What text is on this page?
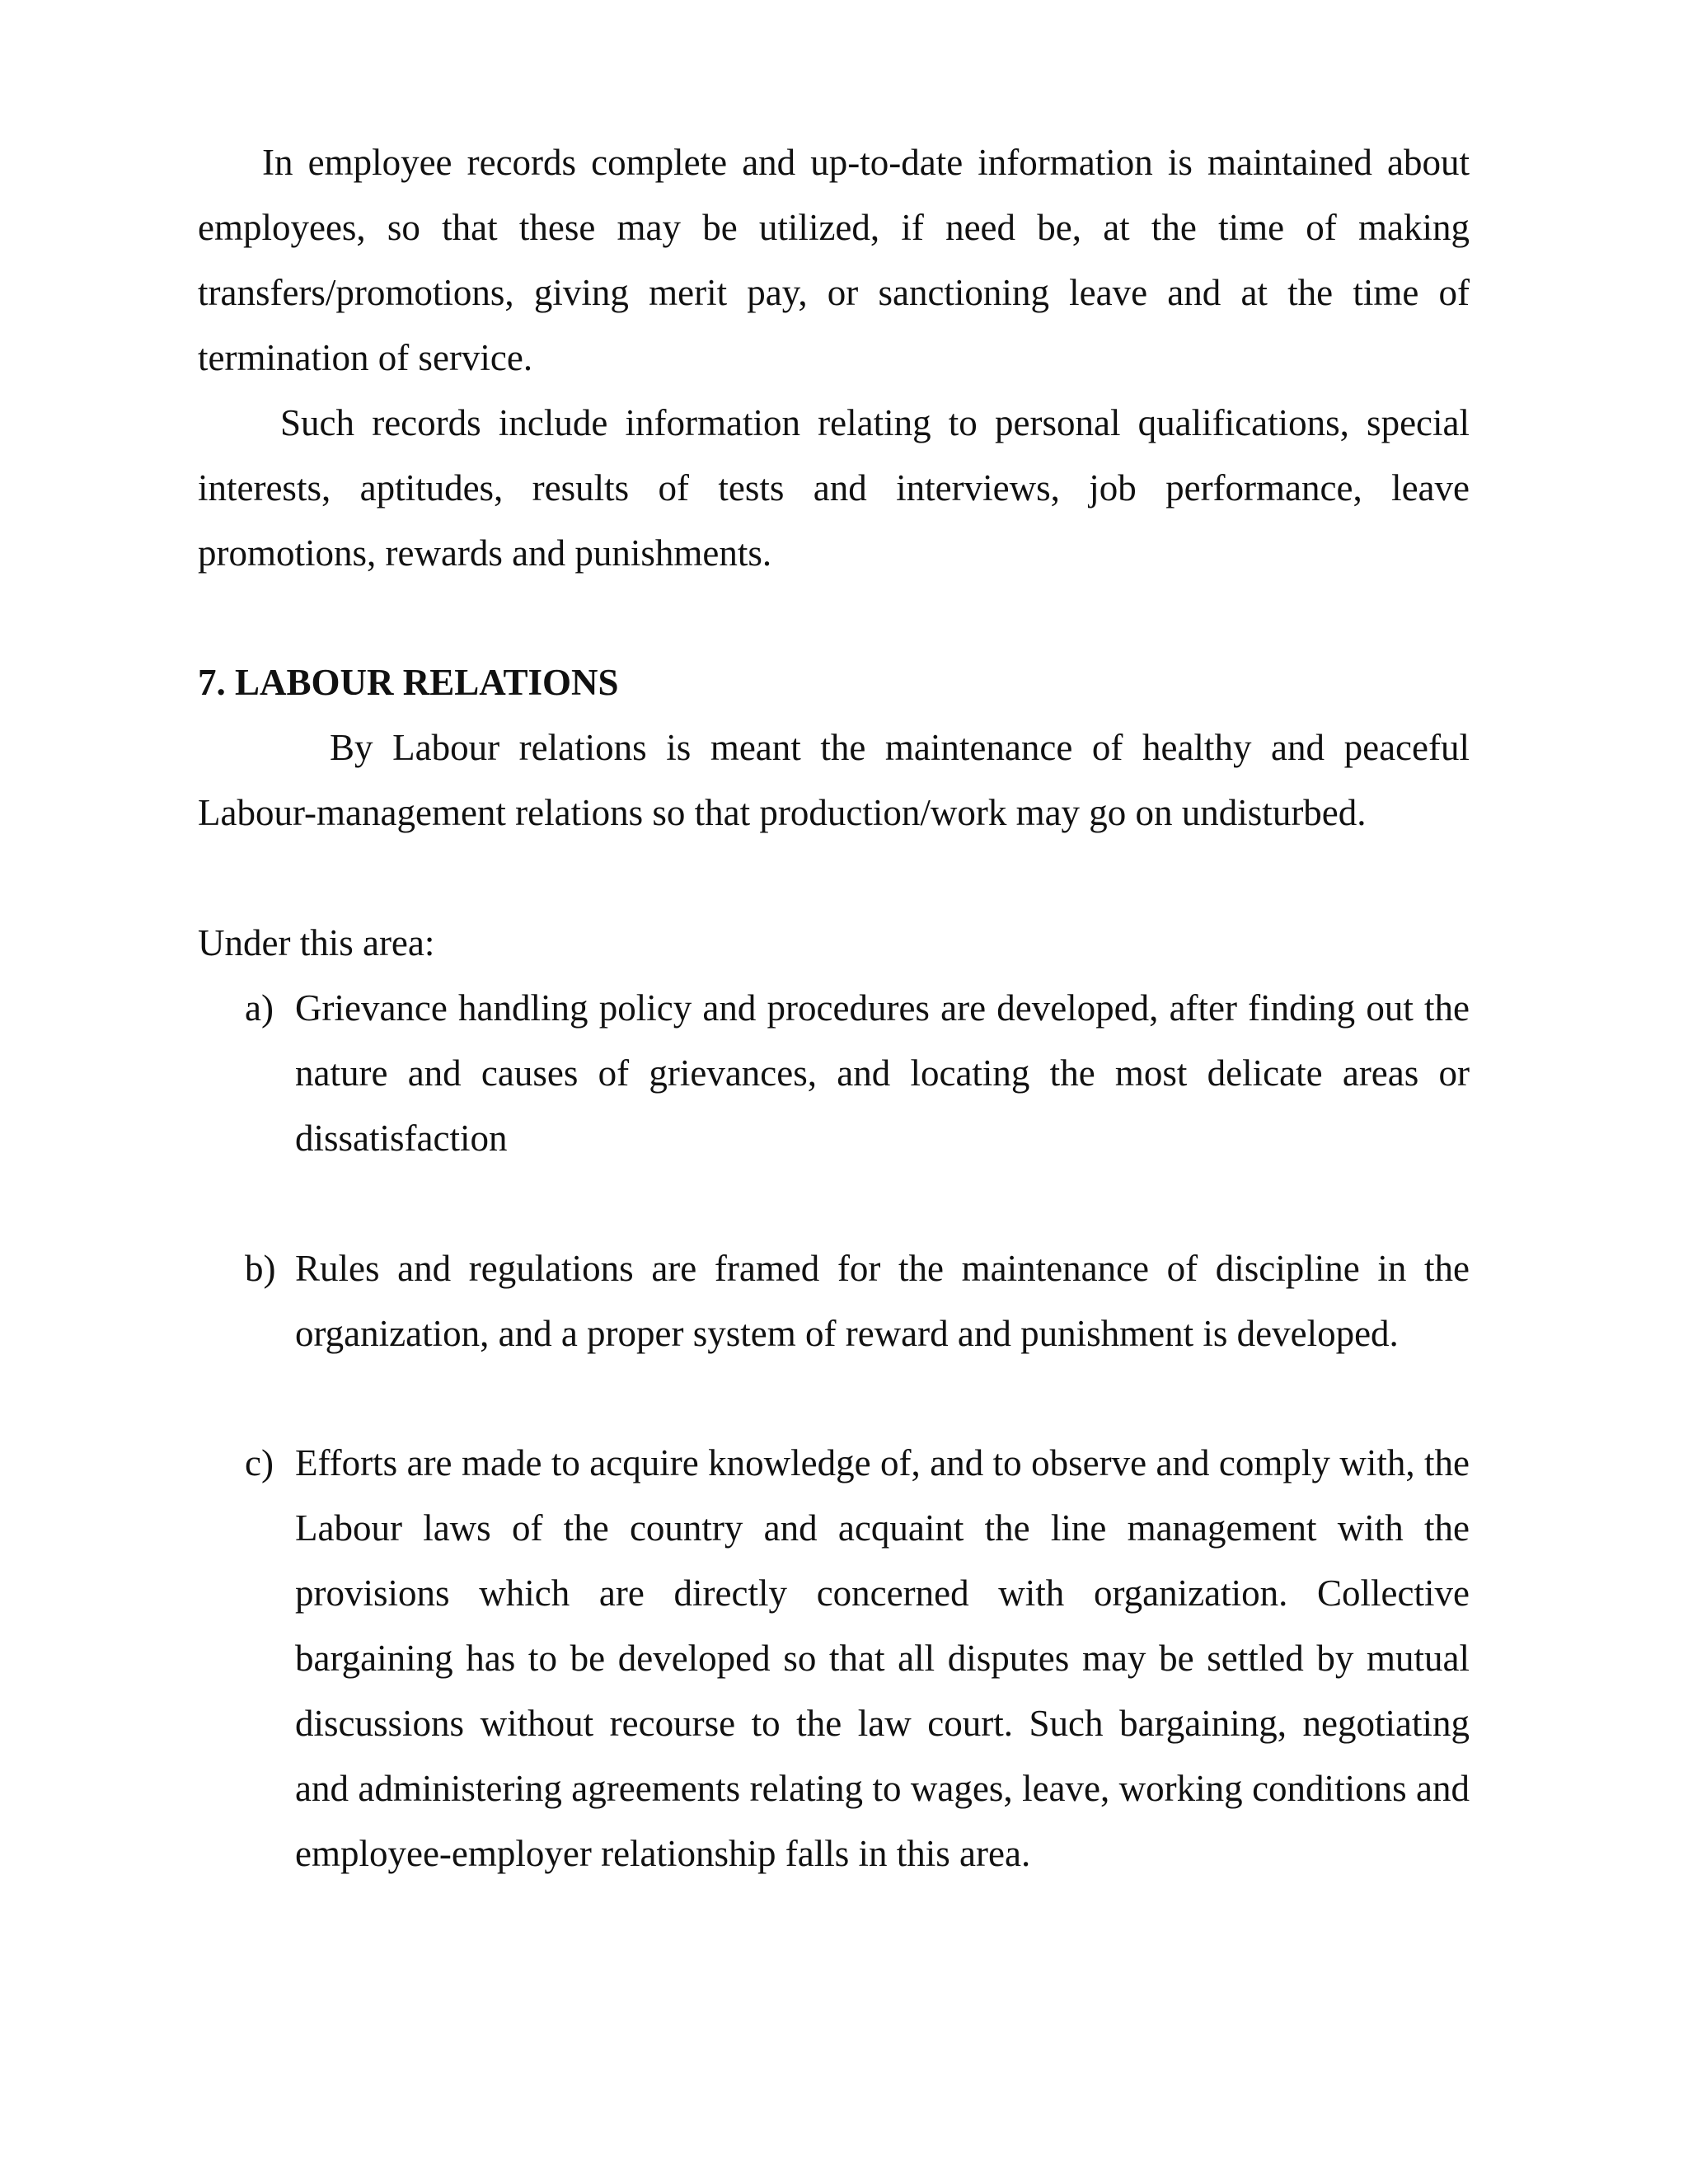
In employee records complete and up-to-date information is maintained about employees, so that these may be utilized, if need be, at the time of making transfers/promotions, giving merit pay, or sanctioning leave and at the time of termination of service.

Such records include information relating to personal qualifications, special interests, aptitudes, results of tests and interviews, job performance, leave promotions, rewards and punishments.

7. LABOUR RELATIONS

By Labour relations is meant the maintenance of healthy and peaceful Labour-management relations so that production/work may go on undisturbed.

Under this area:
a) Grievance handling policy and procedures are developed, after finding out the nature and causes of grievances, and locating the most delicate areas or dissatisfaction
b) Rules and regulations are framed for the maintenance of discipline in the organization, and a proper system of reward and punishment is developed.
c) Efforts are made to acquire knowledge of, and to observe and comply with, the Labour laws of the country and acquaint the line management with the provisions which are directly concerned with organization. Collective bargaining has to be developed so that all disputes may be settled by mutual discussions without recourse to the law court. Such bargaining, negotiating and administering agreements relating to wages, leave, working conditions and employee-employer relationship falls in this area.
